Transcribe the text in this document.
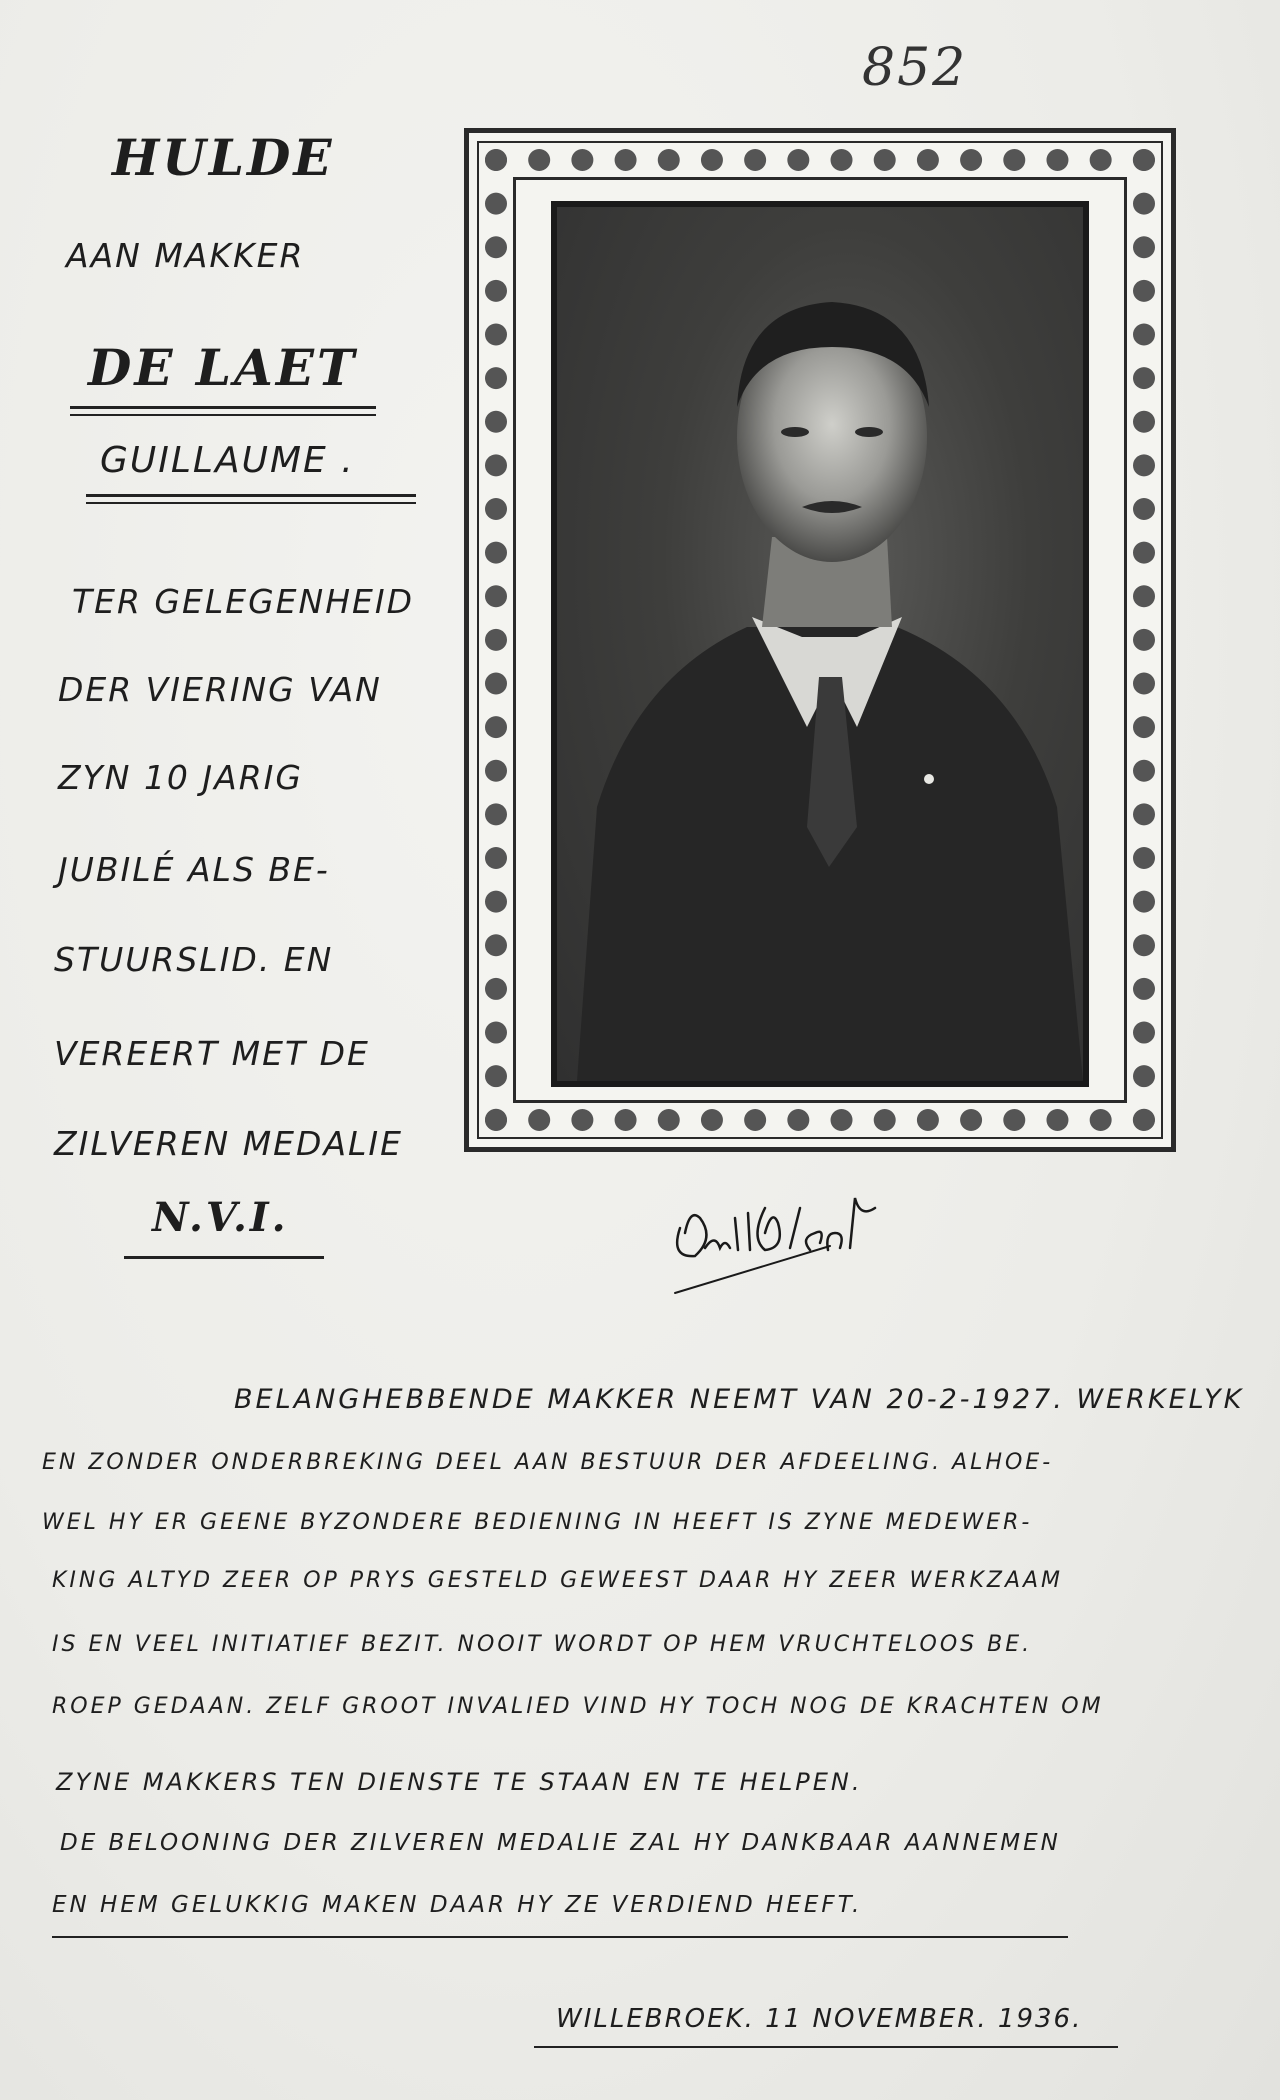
852
HULDE
AAN MAKKER
DE LAET
GUILLAUME .
TER GELEGENHEID
DER VIERING VAN
ZYN 10 JARIG
JUBILÉ ALS BE-
STUURSLID. EN
VEREERT MET DE
ZILVEREN MEDALIE
N.V.I.
BELANGHEBBENDE MAKKER NEEMT VAN 20-2-1927. WERKELYK
EN ZONDER ONDERBREKING DEEL AAN BESTUUR DER AFDEELING. ALHOE-
WEL HY ER GEENE BYZONDERE BEDIENING IN HEEFT IS ZYNE MEDEWER-
KING ALTYD ZEER OP PRYS GESTELD GEWEEST DAAR HY ZEER WERKZAAM
IS EN VEEL INITIATIEF BEZIT. NOOIT WORDT OP HEM VRUCHTELOOS BE.
ROEP GEDAAN. ZELF GROOT INVALIED VIND HY TOCH NOG DE KRACHTEN OM
ZYNE MAKKERS TEN DIENSTE TE STAAN EN TE HELPEN.
DE BELOONING DER ZILVEREN MEDALIE ZAL HY DANKBAAR AANNEMEN
EN HEM GELUKKIG MAKEN DAAR HY ZE VERDIEND HEEFT.
WILLEBROEK. 11 NOVEMBER. 1936.
